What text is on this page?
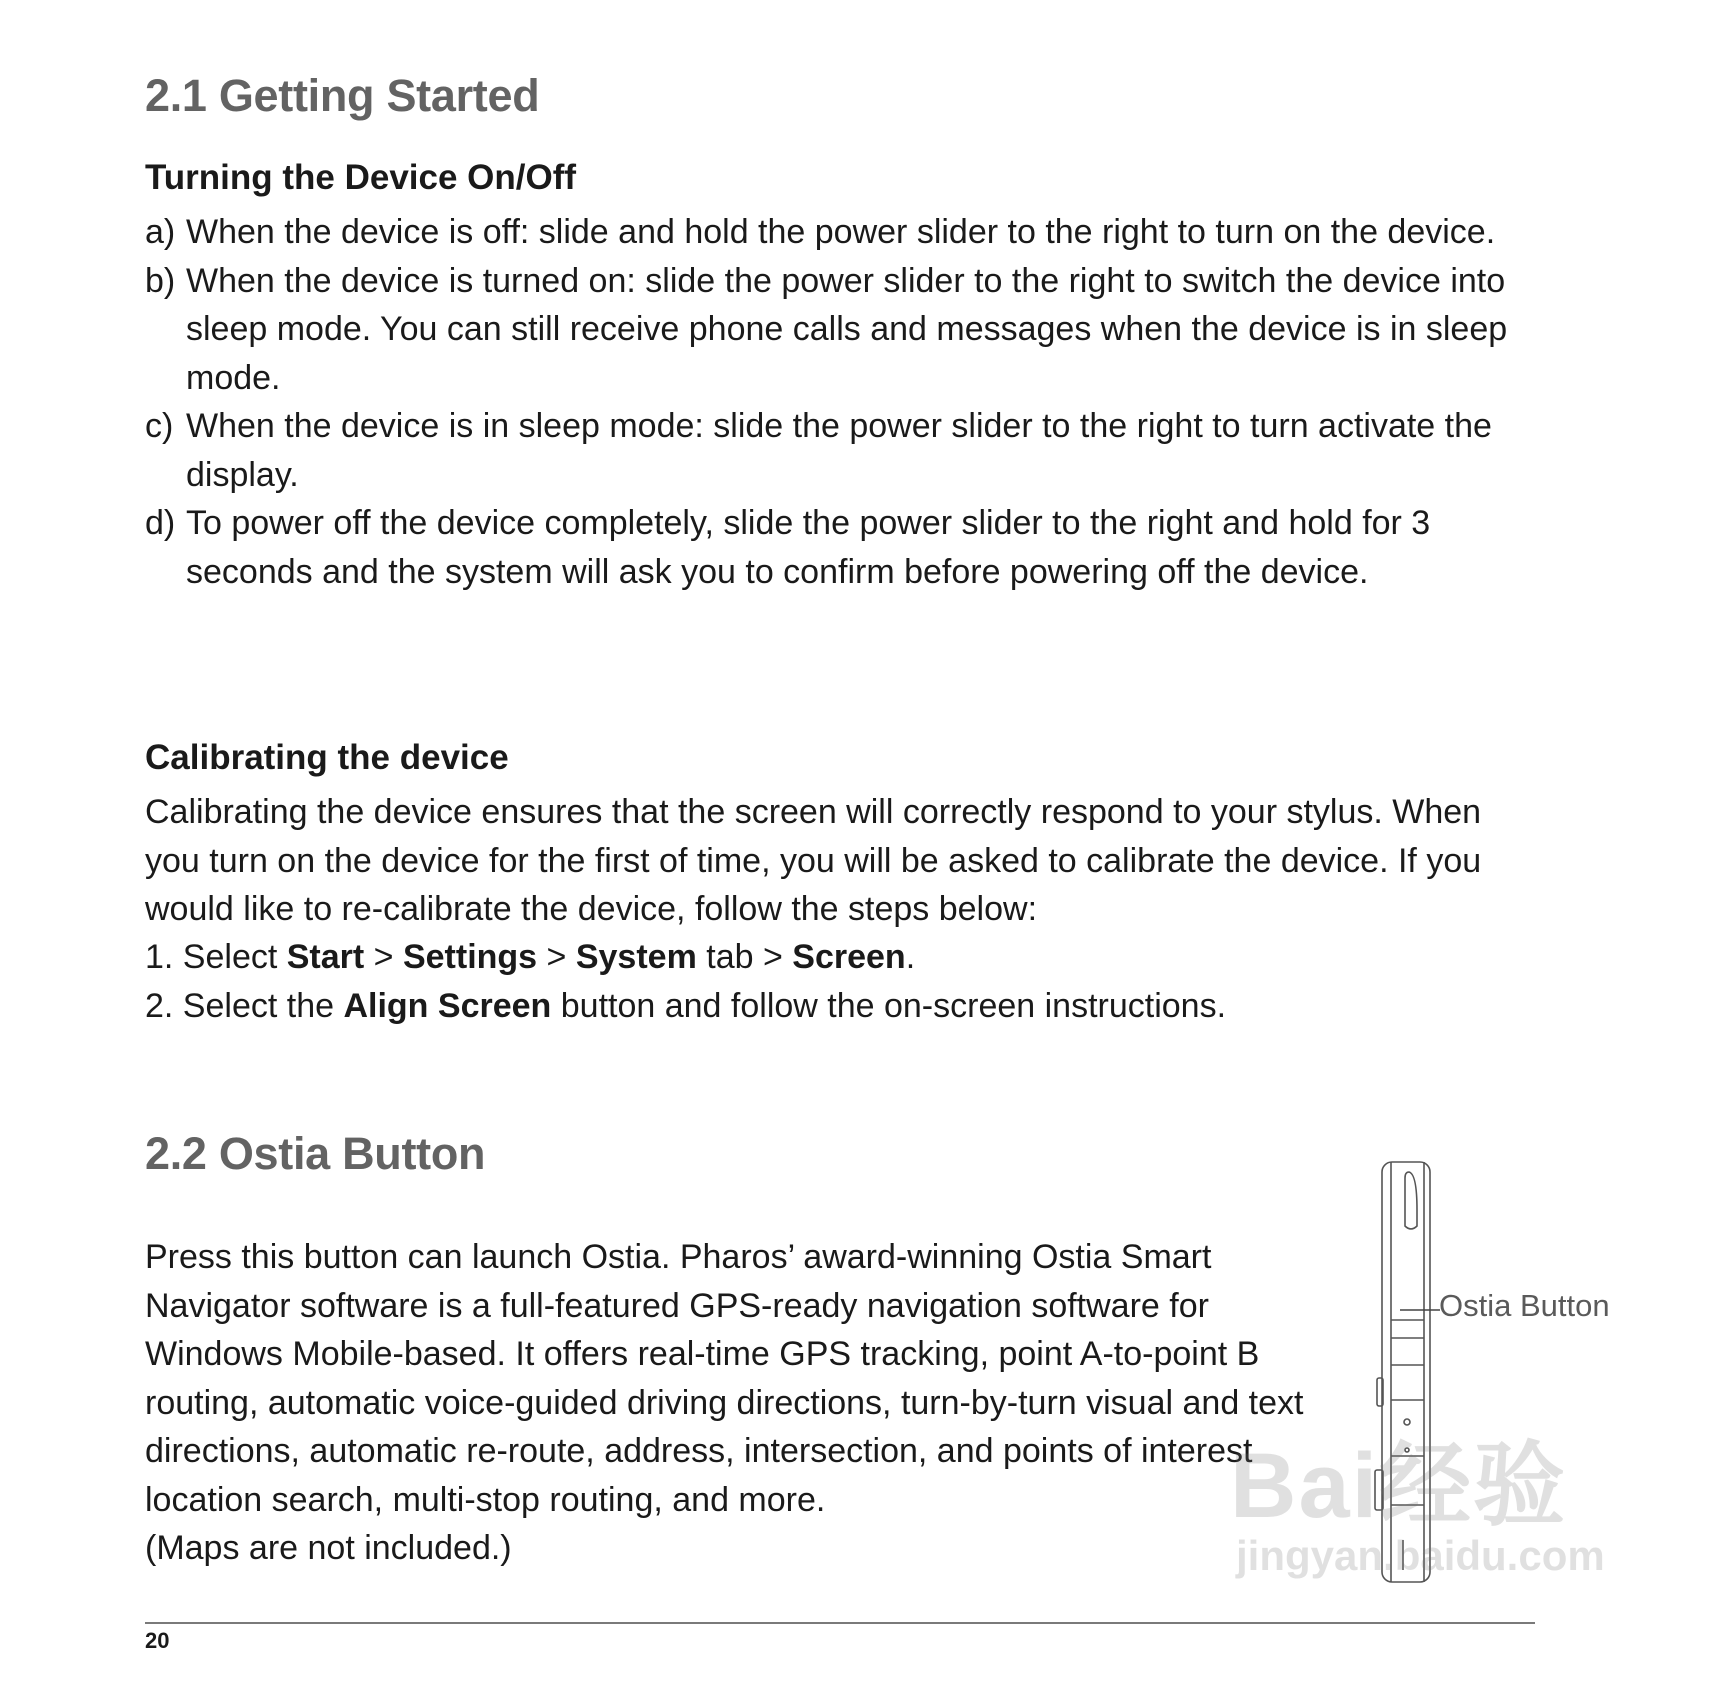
2.1 Getting Started
Turning the Device On/Off
a) When the device is off: slide and hold the power slider to the right to turn on the device.
b) When the device is turned on: slide the power slider to the right to switch the device into sleep mode. You can still receive phone calls and messages when the device is in sleep mode.
c) When the device is in sleep mode: slide the power slider to the right to turn activate the display.
d) To power off the device completely, slide the power slider to the right and hold for 3 seconds and the system will ask you to confirm before powering off the device.
Calibrating the device

Calibrating the device ensures that the screen will correctly respond to your stylus. When you turn on the device for the first of time, you will be asked to calibrate the device. If you would like to re-calibrate the device, follow the steps below:

1. Select Start > Settings > System tab > Screen.
2. Select the Align Screen button and follow the on-screen instructions.
2.2 Ostia Button

Press this button can launch Ostia. Pharos’ award-winning Ostia Smart Navigator software is a full-featured GPS-ready navigation software for Windows Mobile-based. It offers real-time GPS tracking, point A-to-point B routing, automatic voice-guided driving directions, turn-by-turn visual and text directions, automatic re-route, address, intersection, and points of interest location search, multi-stop routing, and more.

(Maps are not included.)

Ostia Button
20
Bai经验
jingyan.baidu.com
